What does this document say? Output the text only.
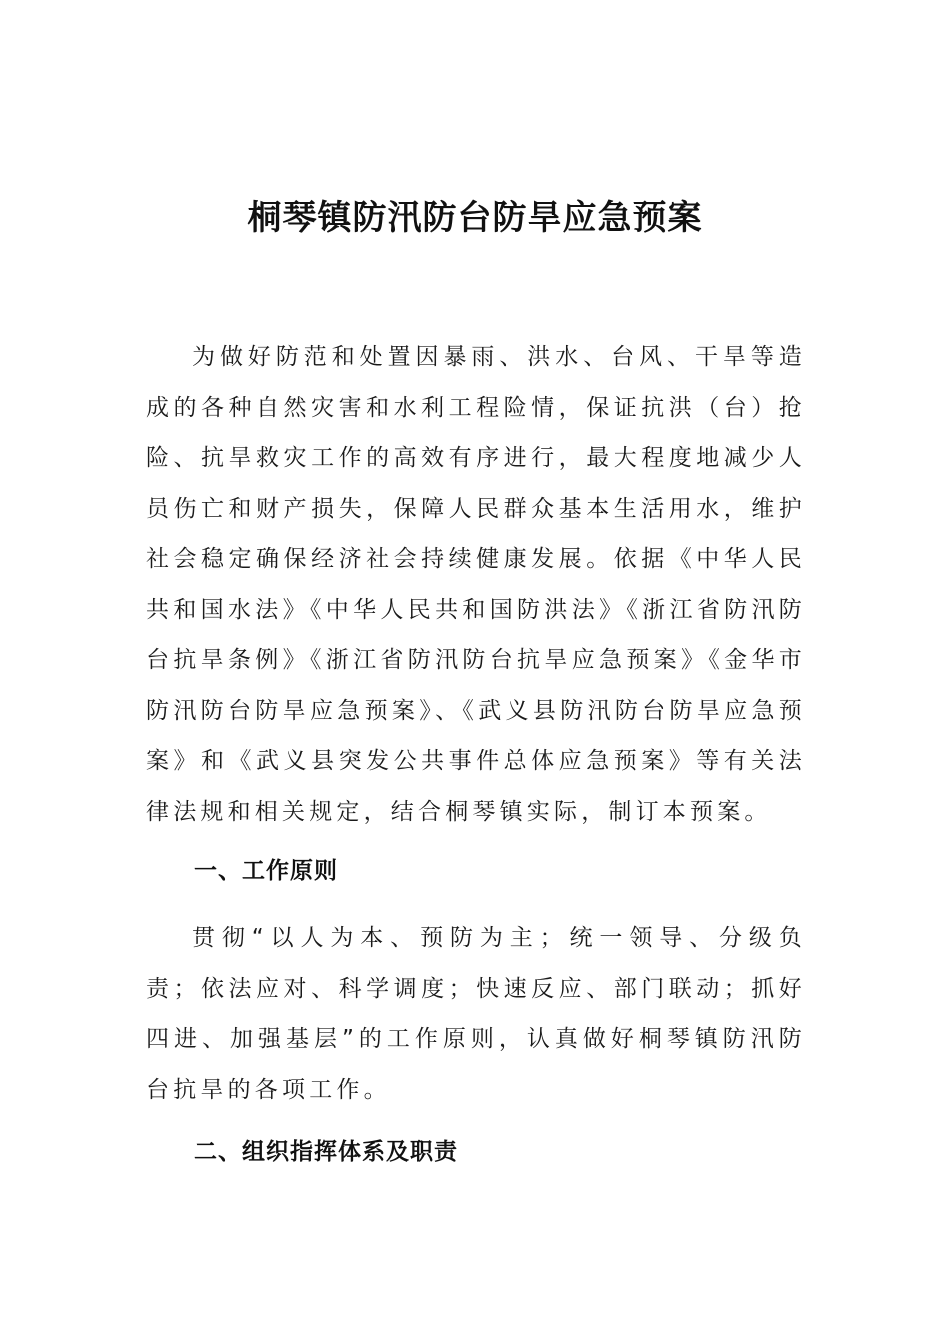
桐琴镇防汛防台防旱应急预案

为做好防范和处置因暴雨、洪水、台风、干旱等造成的各种自然灾害和水利工程险情，保证抗洪（台）抢险、抗旱救灾工作的高效有序进行，最大程度地减少人员伤亡和财产损失，保障人民群众基本生活用水，维护社会稳定确保经济社会持续健康发展。依据《中华人民共和国水法》《中华人民共和国防洪法》《浙江省防汛防台抗旱条例》《浙江省防汛防台抗旱应急预案》《金华市防汛防台防旱应急预案》、《武义县防汛防台防旱应急预案》和《武义县突发公共事件总体应急预案》等有关法律法规和相关规定，结合桐琴镇实际，制订本预案。

一、工作原则

贯彻“以人为本、预防为主；统一领导、分级负责；依法应对、科学调度；快速反应、部门联动；抓好四进、加强基层”的工作原则，认真做好桐琴镇防汛防台抗旱的各项工作。

二、组织指挥体系及职责
